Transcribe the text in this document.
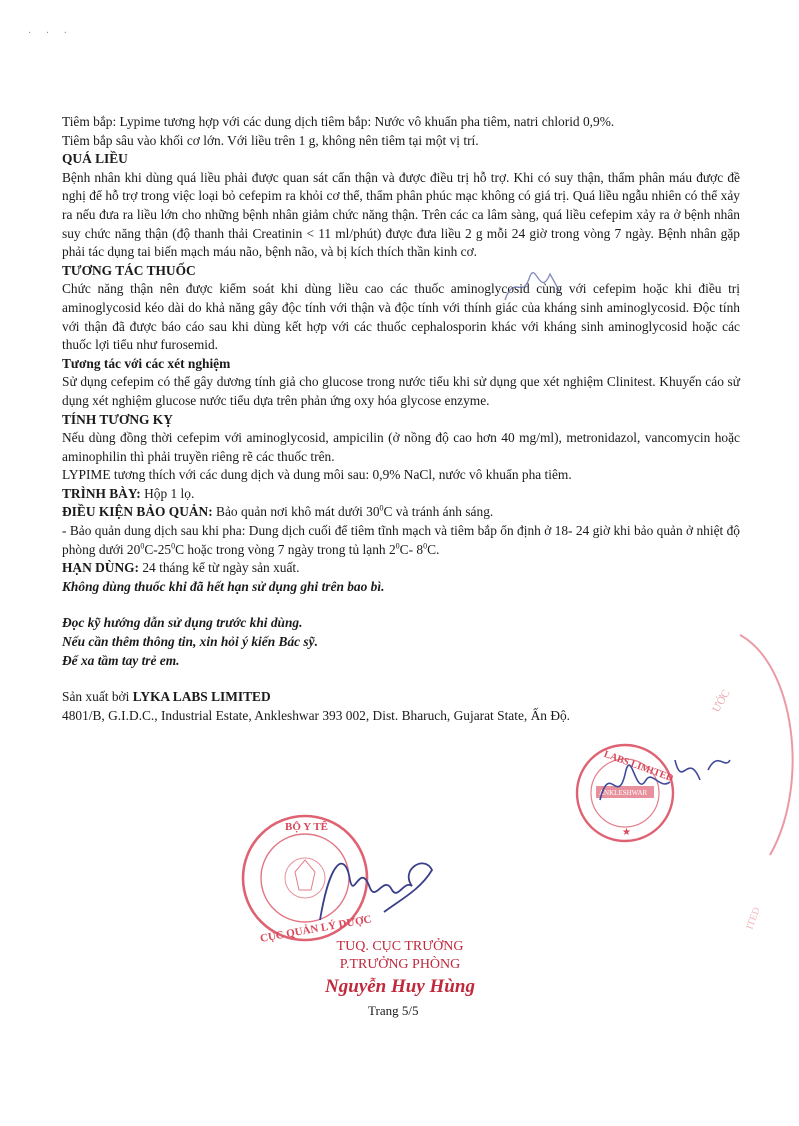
· · ·

Tiêm bắp: Lypime tương hợp với các dung dịch tiêm bắp: Nước vô khuẩn pha tiêm, natri chlorid 0,9%.

Tiêm bắp sâu vào khối cơ lớn. Với liều trên 1 g, không nên tiêm tại một vị trí.

QUÁ LIỀU

Bệnh nhân khi dùng quá liều phải được quan sát cẩn thận và được điều trị hỗ trợ. Khi có suy thận, thẩm phân máu được đề nghị để hỗ trợ trong việc loại bỏ cefepim ra khỏi cơ thể, thẩm phân phúc mạc không có giá trị. Quá liều ngẫu nhiên có thể xảy ra nếu đưa ra liều lớn cho những bệnh nhân giảm chức năng thận. Trên các ca lâm sàng, quá liều cefepim xảy ra ở bệnh nhân suy chức năng thận (độ thanh thải Creatinin < 11 ml/phút) được đưa liều 2 g mỗi 24 giờ trong vòng 7 ngày. Bệnh nhân gặp phải tác dụng tai biến mạch máu não, bệnh não, và bị kích thích thần kinh cơ.

TƯƠNG TÁC THUỐC

Chức năng thận nên được kiểm soát khi dùng liều cao các thuốc aminoglycosid cùng với cefepim hoặc khi điều trị aminoglycosid kéo dài do khả năng gây độc tính với thận và độc tính với thính giác của kháng sinh aminoglycosid. Độc tính với thận đã được báo cáo sau khi dùng kết hợp với các thuốc cephalosporin khác với kháng sinh aminoglycosid hoặc các thuốc lợi tiểu như furosemid.

Tương tác với các xét nghiệm

Sử dụng cefepim có thể gây dương tính giả cho glucose trong nước tiểu khi sử dụng que xét nghiệm Clinitest. Khuyến cáo sử dụng xét nghiệm glucose nước tiểu dựa trên phản ứng oxy hóa glycose enzyme.

TÍNH TƯƠNG KỴ

Nếu dùng đồng thời cefepim với aminoglycosid, ampicilin (ở nồng độ cao hơn 40 mg/ml), metronidazol, vancomycin hoặc aminophilin thì phải truyền riêng rẽ các thuốc trên.

LYPIME tương thích với các dung dịch và dung môi sau: 0,9% NaCl, nước vô khuẩn pha tiêm.

TRÌNH BÀY: Hộp 1 lọ.

ĐIỀU KIỆN BẢO QUẢN: Bảo quản nơi khô mát dưới $30^0C$ và tránh ánh sáng.

- Bảo quản dung dịch sau khi pha: Dung dịch cuối để tiêm tĩnh mạch và tiêm bắp ổn định ở 18- 24 giờ khi bảo quản ở nhiệt độ phòng dưới $20^0C-25^0C$ hoặc trong vòng 7 ngày trong tủ lạnh $2^0C-$ $8^0C$.

HẠN DÙNG: 24 tháng kể từ ngày sản xuất.

Không dùng thuốc khi đã hết hạn sử dụng ghi trên bao bì.

Đọc kỹ hướng dẫn sử dụng trước khi dùng.

Nếu cần thêm thông tin, xin hỏi ý kiến Bác sỹ.

Để xa tầm tay trẻ em.

Sản xuất bởi LYKA LABS LIMITED

4801/B, G.I.D.C., Industrial Estate, Ankleshwar 393 002, Dist. Bharuch, Gujarat State, Ấn Độ.

ƯỚC
ITED
LABS LIMITED
ANKLESHWAR
★
BỘ Y TẾ
CỤC QUẢN LÝ DƯỢC
TUQ. CỤC TRƯỞNG
P.TRƯỞNG PHÒNG
Nguyễn Huy Hùng
Trang 5/5
